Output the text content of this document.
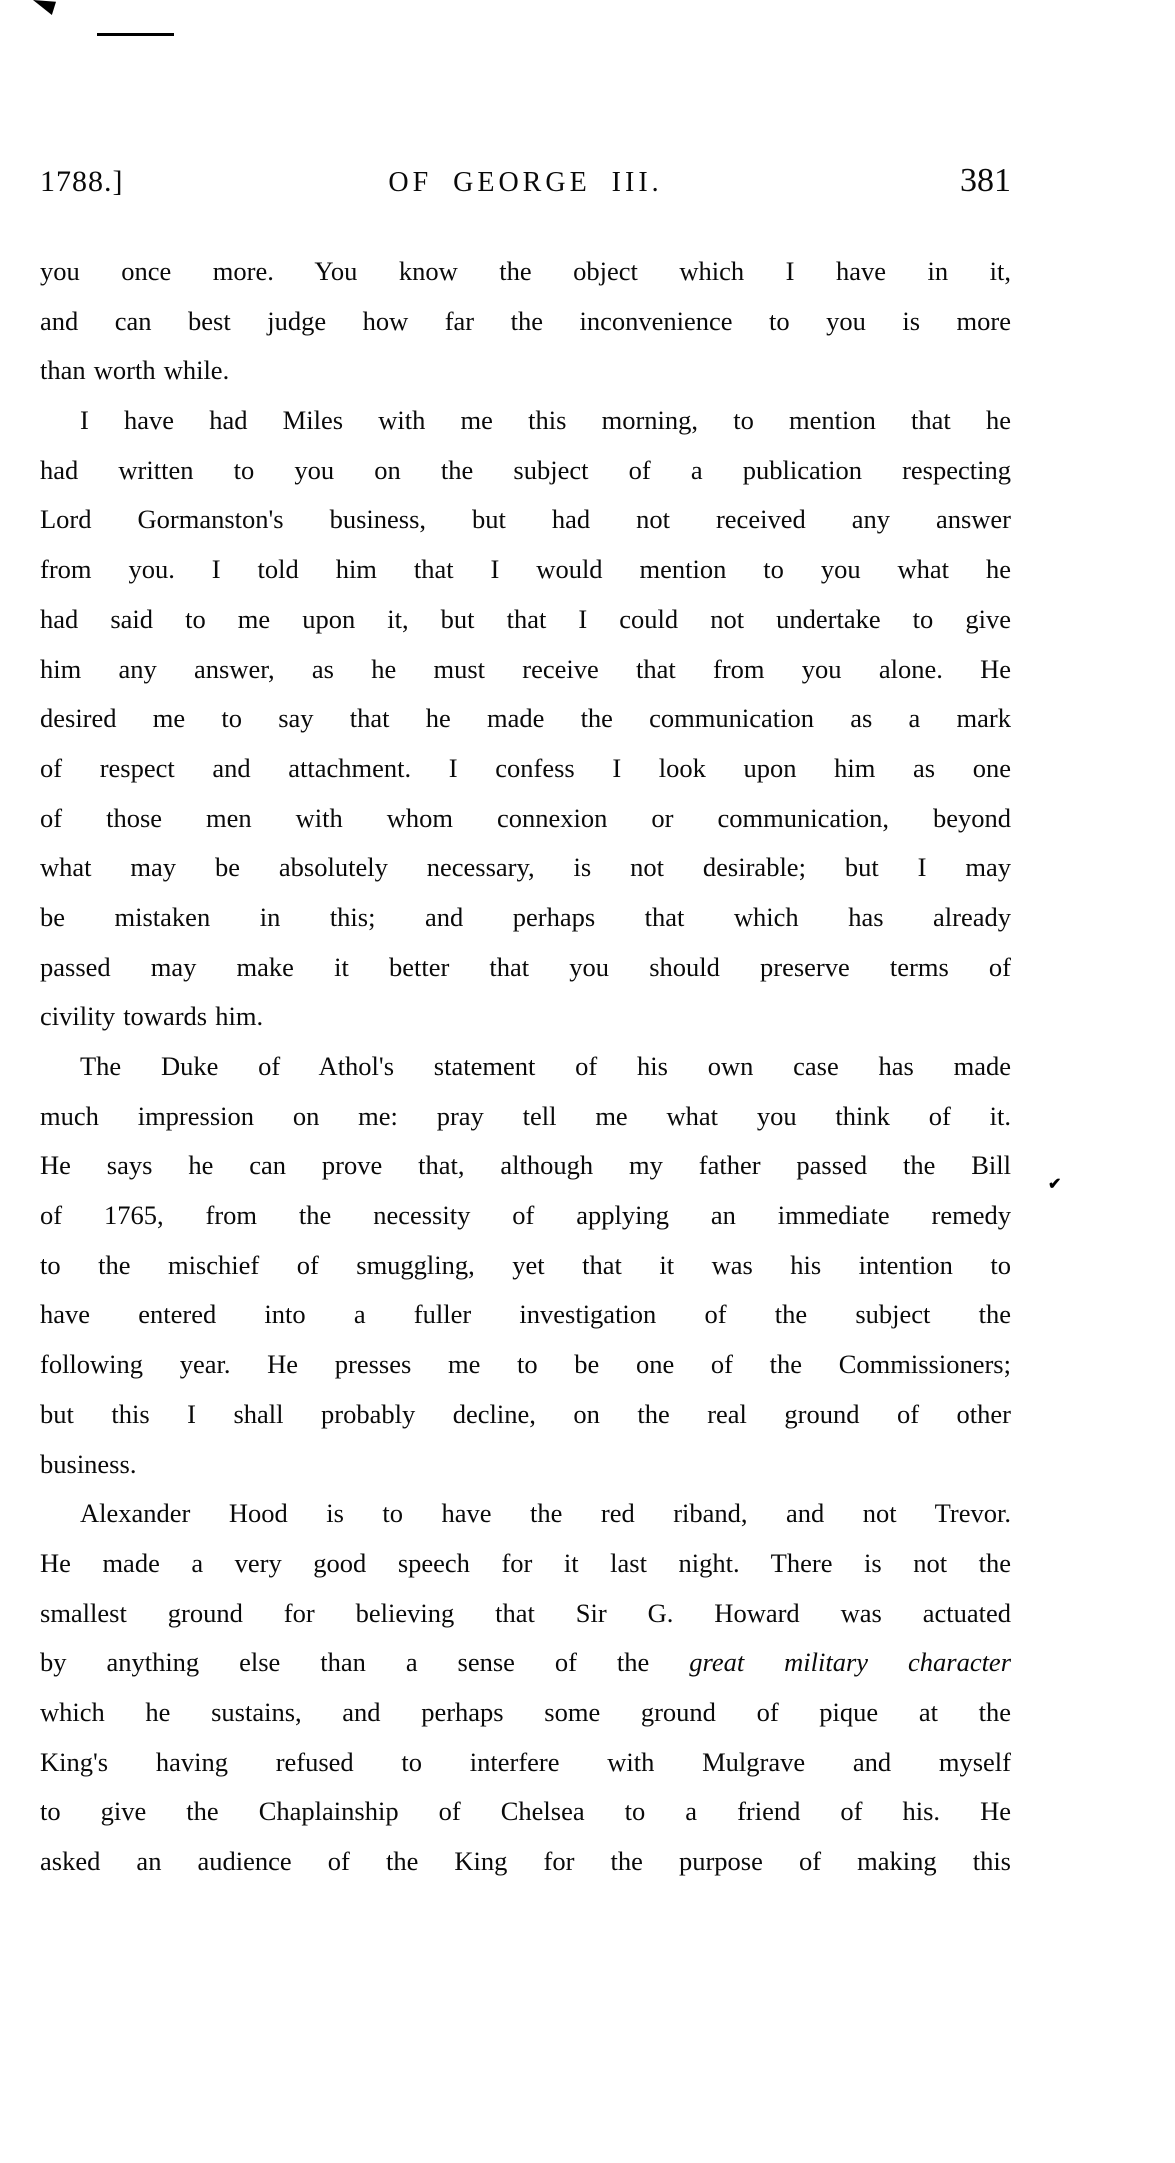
1788.]	OF GEORGE III.	381
you once more. You know the object which I have in it,
and can best judge how far the inconvenience to you is more
than worth while.
I have had Miles with me this morning, to mention that he
had written to you on the subject of a publication respecting
Lord Gormanston's business, but had not received any answer
from you. I told him that I would mention to you what he
had said to me upon it, but that I could not undertake to give
him any answer, as he must receive that from you alone. He
desired me to say that he made the communication as a mark
of respect and attachment. I confess I look upon him as one
of those men with whom connexion or communication, beyond
what may be absolutely necessary, is not desirable; but I may
be mistaken in this; and perhaps that which has already
passed may make it better that you should preserve terms of
civility towards him.
The Duke of Athol's statement of his own case has made
much impression on me: pray tell me what you think of it.
He says he can prove that, although my father passed the Bill
of 1765, from the necessity of applying an immediate remedy
to the mischief of smuggling, yet that it was his intention to
have entered into a fuller investigation of the subject the
following year. He presses me to be one of the Commissioners;
but this I shall probably decline, on the real ground of other
business.
Alexander Hood is to have the red riband, and not Trevor.
He made a very good speech for it last night. There is not the
smallest ground for believing that Sir G. Howard was actuated
by anything else than a sense of the great military character
which he sustains, and perhaps some ground of pique at the
King's having refused to interfere with Mulgrave and myself
to give the Chaplainship of Chelsea to a friend of his. He
asked an audience of the King for the purpose of making this
✔
